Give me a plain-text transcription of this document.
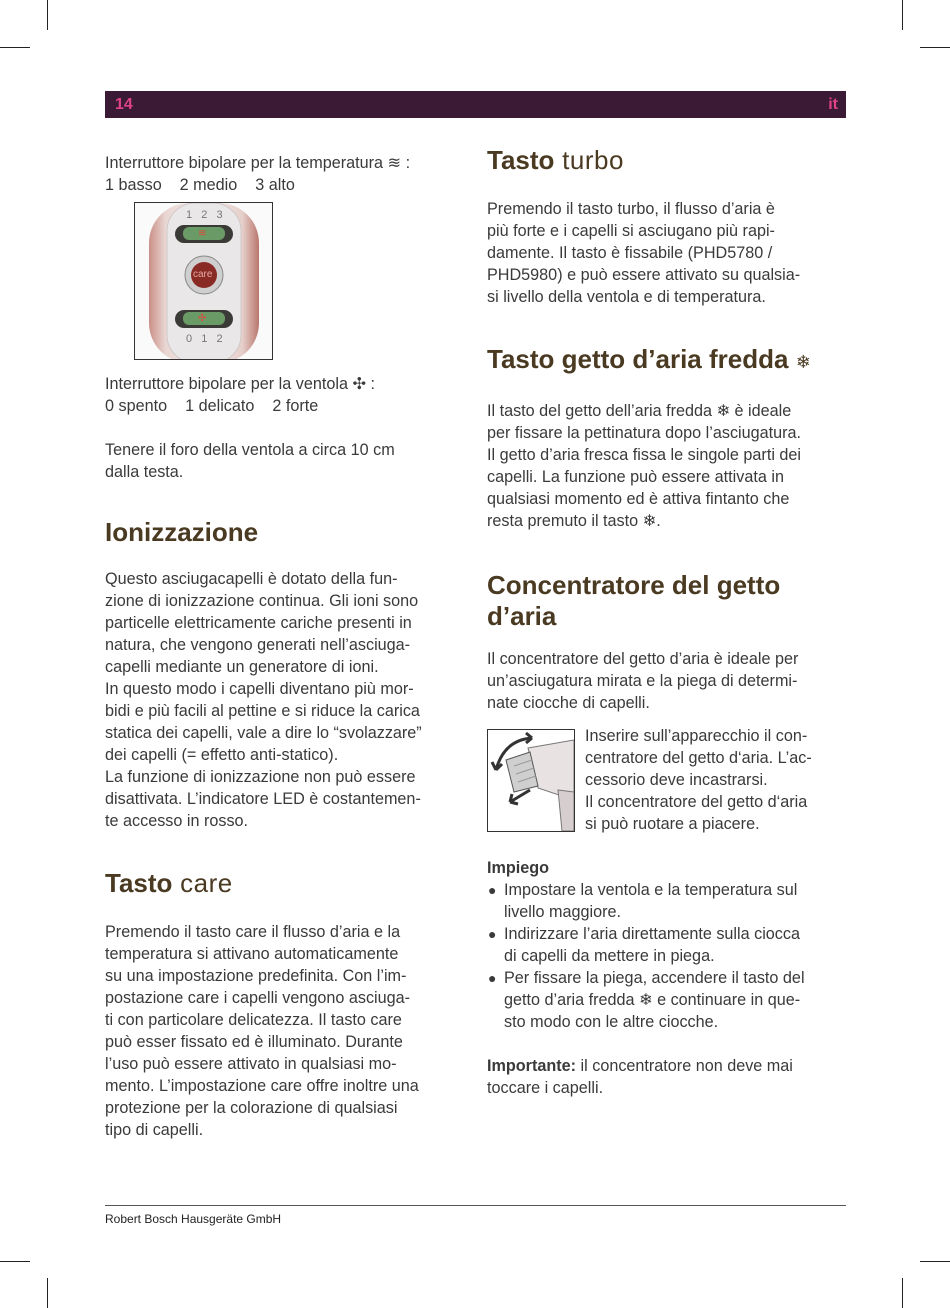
14	it

Interruttore bipolare per la temperatura ≋ :

1 basso    2 medio    3 alto

1  2  3
≋
care
✣
0  1  2

Interruttore bipolare per la ventola ✣ :

0 spento    1 delicato    2 forte

Tenere il foro della ventola a circa 10 cm
dalla testa.

Ionizzazione

Questo asciugacapelli è dotato della fun-
zione di ionizzazione continua. Gli ioni sono
particelle elettricamente cariche presenti in
natura, che vengono generati nell’asciuga-
capelli mediante un generatore di ioni.
In questo modo i capelli diventano più mor-
bidi e più facili al pettine e si riduce la carica
statica dei capelli, vale a dire lo “svolazzare”
dei capelli (= effetto anti-statico).
La funzione di ionizzazione non può essere
disattivata. L’indicatore LED è costantemen-
te accesso in rosso.

Tasto care

Premendo il tasto care il flusso d’aria e la
temperatura si attivano automaticamente
su una impostazione predefinita. Con l’im-
postazione care i capelli vengono asciuga-
ti con particolare delicatezza. Il tasto care
può esser fissato ed è illuminato. Durante
l’uso può essere attivato in qualsiasi mo-
mento. L’impostazione care offre inoltre una
protezione per la colorazione di qualsiasi
tipo di capelli.

Tasto turbo

Premendo il tasto turbo, il flusso d’aria è
più forte e i capelli si asciugano più rapi-
damente. Il tasto è fissabile (PHD5780 /
PHD5980) e può essere attivato su qualsia-
si livello della ventola e di temperatura.

Tasto getto d’aria fredda ❄

Il tasto del getto dell’aria fredda ❄ è ideale
per fissare la pettinatura dopo l’asciugatura.
Il getto d’aria fresca fissa le singole parti dei
capelli. La funzione può essere attivata in
qualsiasi momento ed è attiva fintanto che
resta premuto il tasto ❄.

Concentratore del getto
d’aria

Il concentratore del getto d’aria è ideale per
un’asciugatura mirata e la piega di determi-
nate ciocche di capelli.

Inserire sull’apparecchio il con-
centratore del getto d‘aria. L’ac-
cessorio deve incastrarsi.
Il concentratore del getto d‘aria
si può ruotare a piacere.

Impiego

● Impostare la ventola e la temperatura sul
livello maggiore.
● Indirizzare l’aria direttamente sulla ciocca
di capelli da mettere in piega.
● Per fissare la piega, accendere il tasto del
getto d’aria fredda ❄ e continuare in que-
sto modo con le altre ciocche.

Importante: il concentratore non deve mai
toccare i capelli.

Robert Bosch Hausgeräte GmbH
